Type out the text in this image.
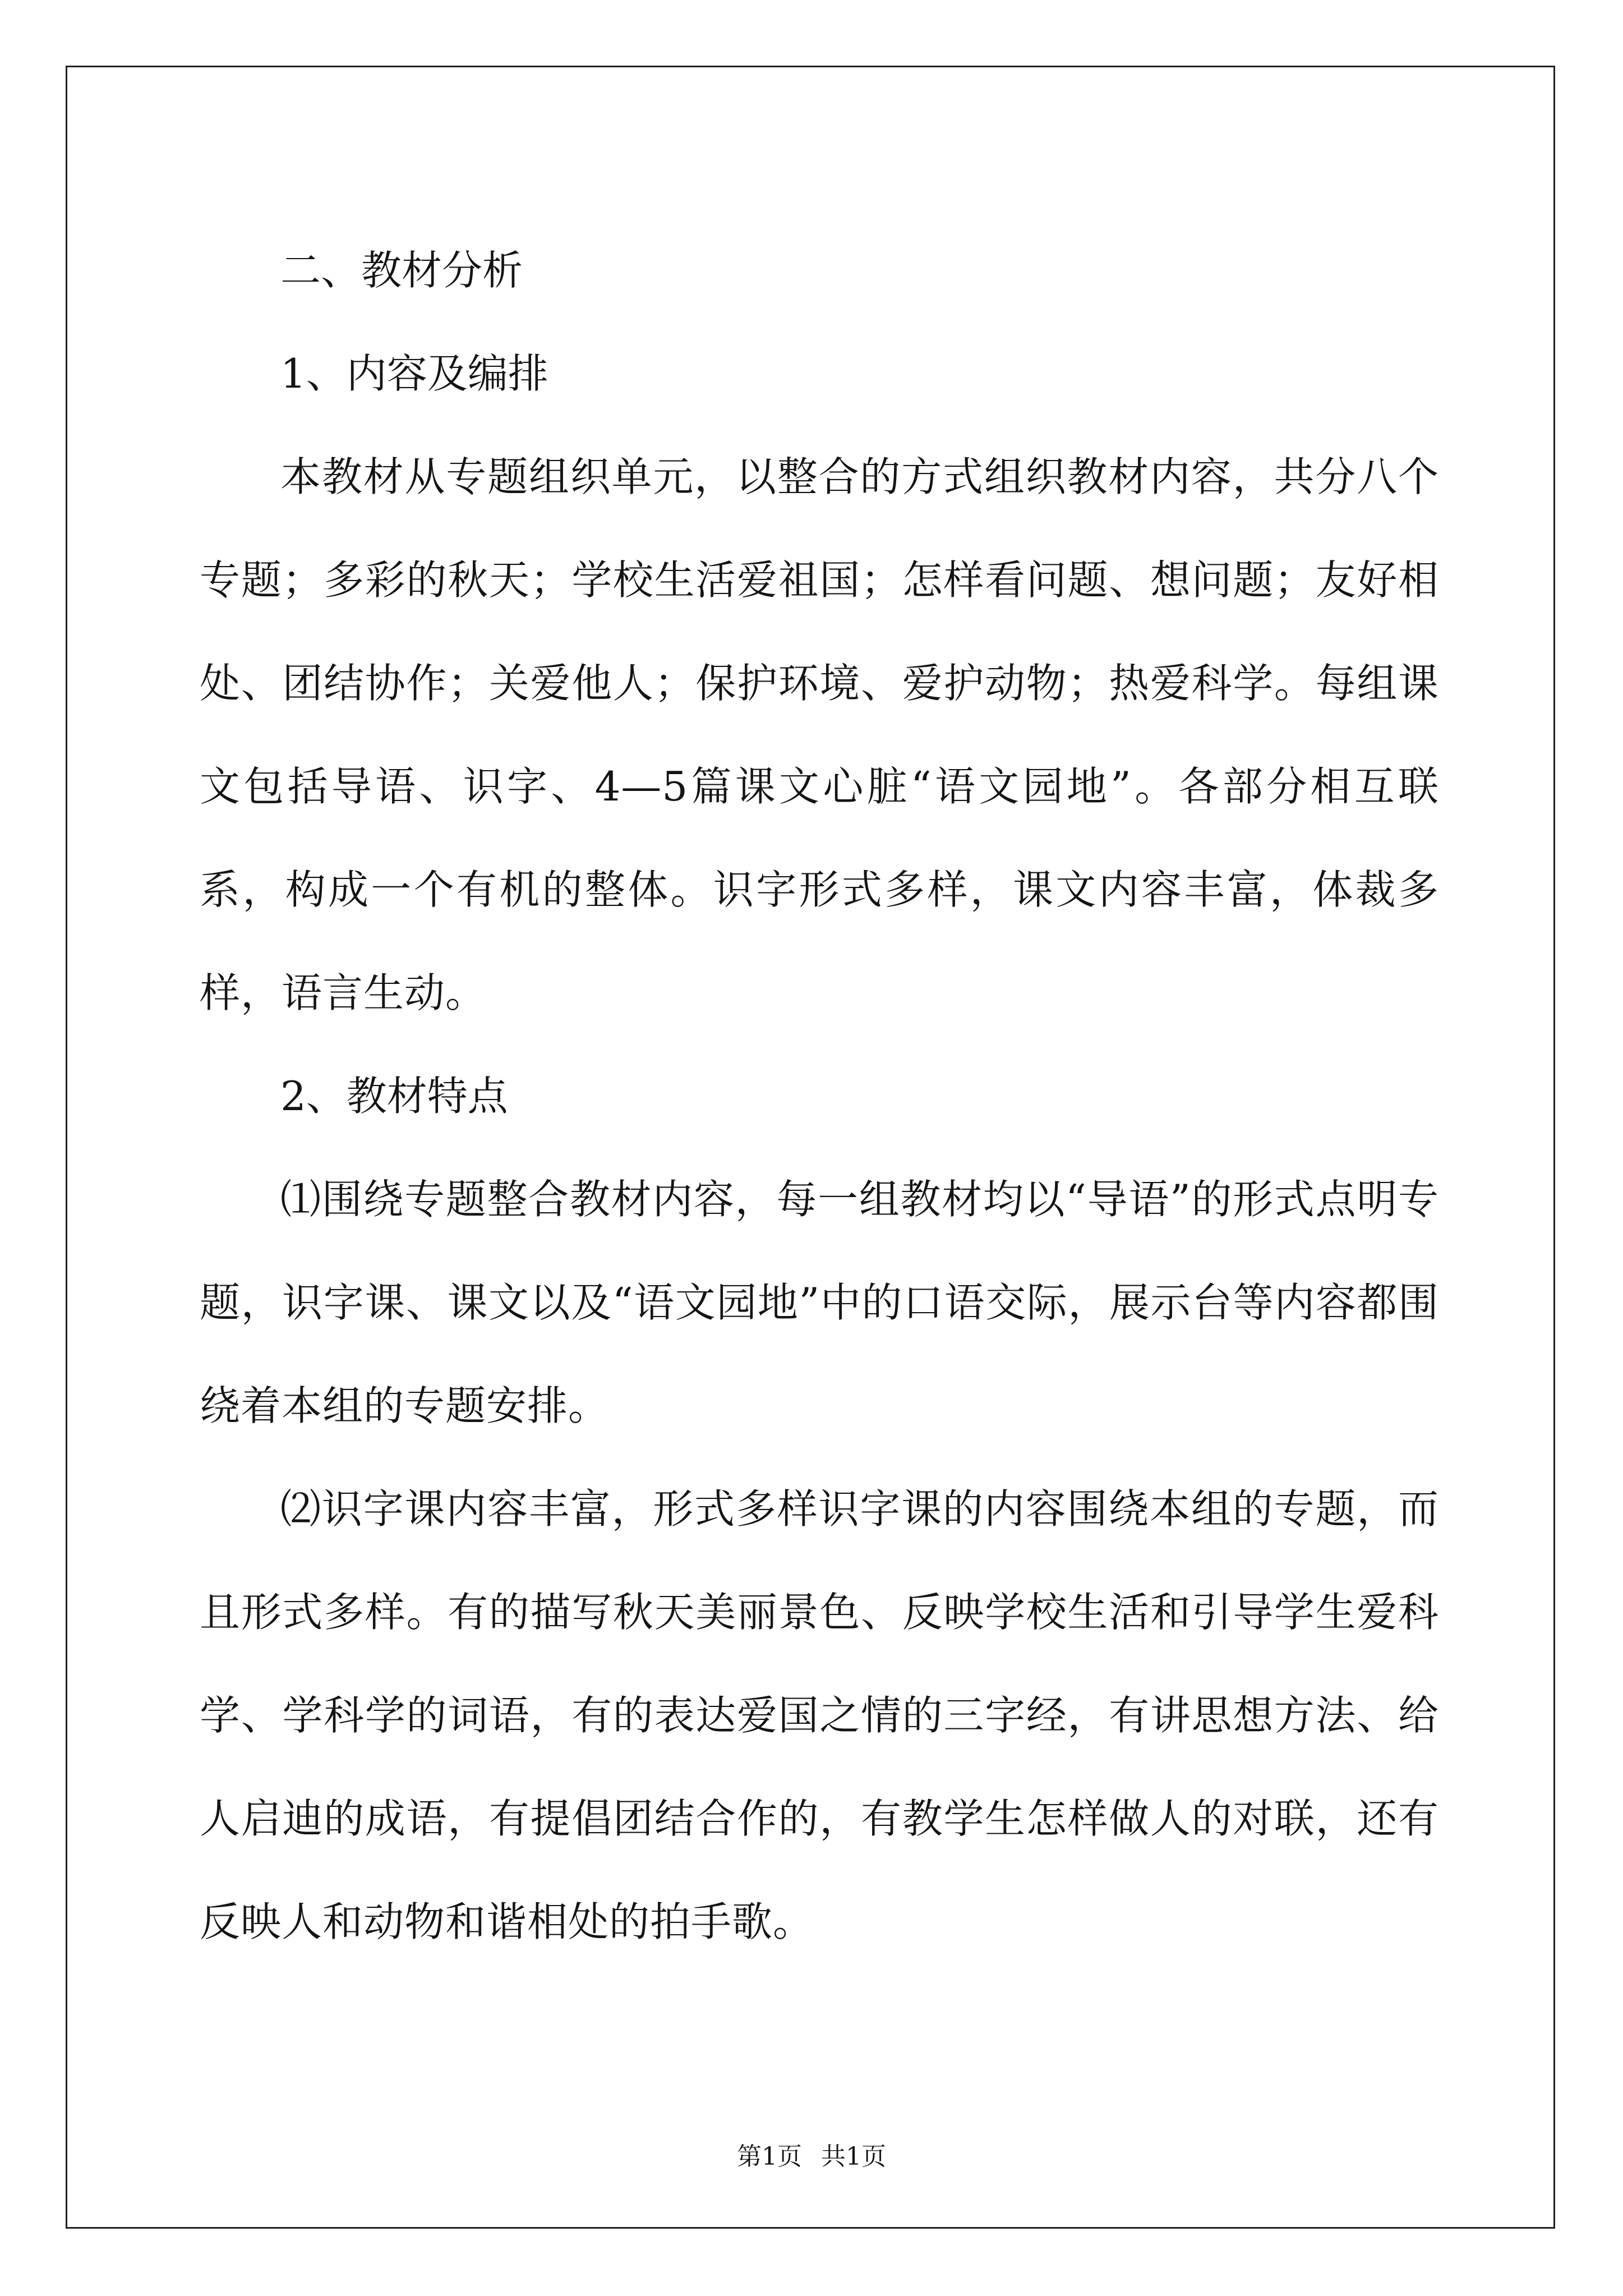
二、教材分析

1、内容及编排

本教材从专题组织单元，以整合的方式组织教材内容，共分八个专题；多彩的秋天；学校生活爱祖国；怎样看问题、想问题；友好相处、团结协作；关爱他人；保护环境、爱护动物；热爱科学。每组课文包括导语、识字、4—5篇课文心脏“语文园地”。各部分相互联系，构成一个有机的整体。识字形式多样，课文内容丰富，体裁多样，语言生动。

2、教材特点

⑴围绕专题整合教材内容，每一组教材均以“导语”的形式点明专题，识字课、课文以及“语文园地”中的口语交际，展示台等内容都围绕着本组的专题安排。

⑵识字课内容丰富，形式多样识字课的内容围绕本组的专题，而且形式多样。有的描写秋天美丽景色、反映学校生活和引导学生爱科学、学科学的词语，有的表达爱国之情的三字经，有讲思想方法、给人启迪的成语，有提倡团结合作的，有教学生怎样做人的对联，还有反映人和动物和谐相处的拍手歌。

第1页 共1页
